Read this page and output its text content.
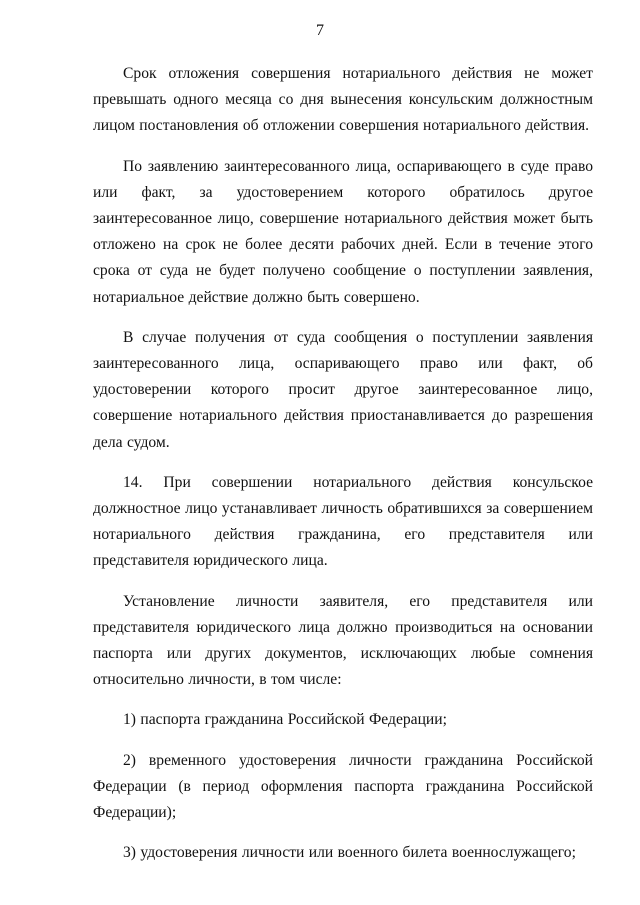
7

Срок отложения совершения нотариального действия не может превышать одного месяца со дня вынесения консульским должностным лицом постановления об отложении совершения нотариального действия.

По заявлению заинтересованного лица, оспаривающего в суде право или факт, за удостоверением которого обратилось другое заинтересованное лицо, совершение нотариального действия может быть отложено на срок не более десяти рабочих дней. Если в течение этого срока от суда не будет получено сообщение о поступлении заявления, нотариальное действие должно быть совершено.

В случае получения от суда сообщения о поступлении заявления заинтересованного лица, оспаривающего право или факт, об удостоверении которого просит другое заинтересованное лицо, совершение нотариального действия приостанавливается до разрешения дела судом.

14. При совершении нотариального действия консульское должностное лицо устанавливает личность обратившихся за совершением нотариального действия гражданина, его представителя или представителя юридического лица.

Установление личности заявителя, его представителя или представителя юридического лица должно производиться на основании паспорта или других документов, исключающих любые сомнения относительно личности, в том числе:

1) паспорта гражданина Российской Федерации;

2) временного удостоверения личности гражданина Российской Федерации (в период оформления паспорта гражданина Российской Федерации);

3) удостоверения личности или военного билета военнослужащего;
